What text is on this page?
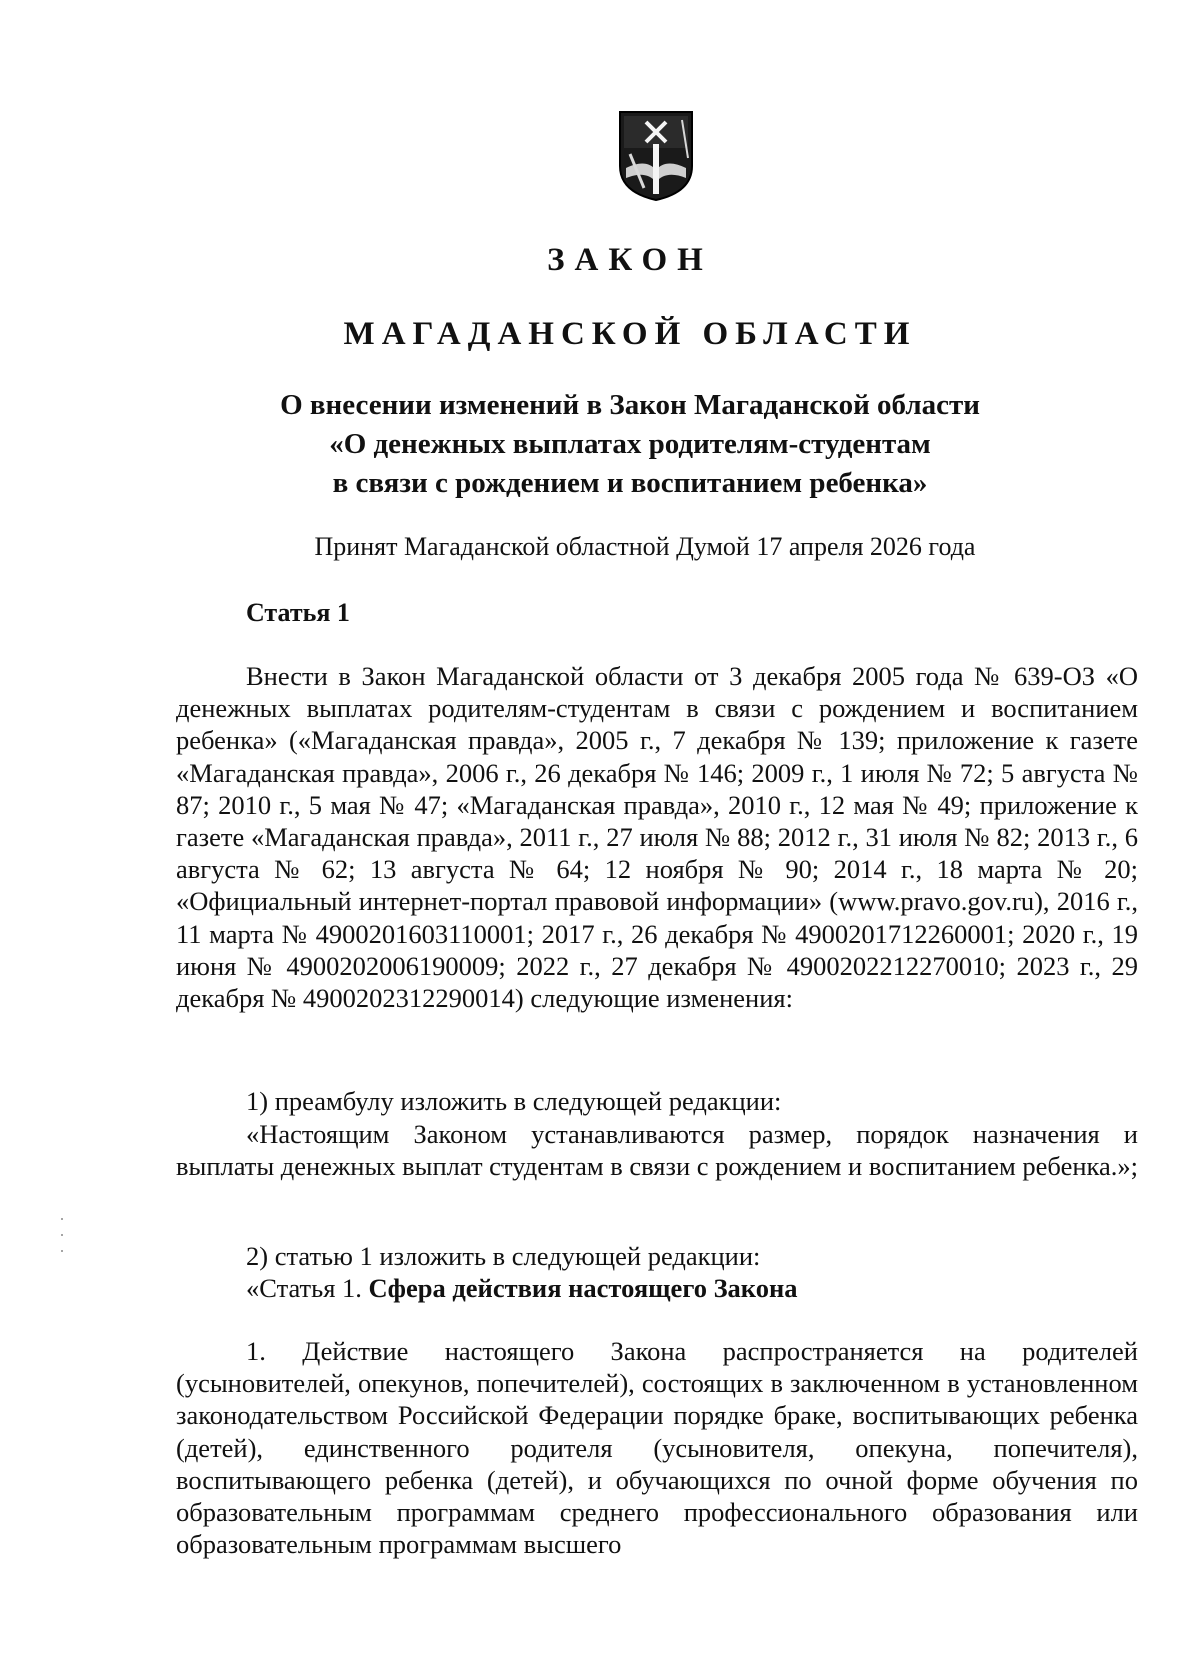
ЗАКОН
МАГАДАНСКОЙ ОБЛАСТИ
О внесении изменений в Закон Магаданской области
«О денежных выплатах родителям-студентам
в связи с рождением и воспитанием ребенка»
Принят Магаданской областной Думой 17 апреля 2026 года
Статья 1

Внести в Закон Магаданской области от 3 декабря 2005 года № 639-ОЗ «О денежных выплатах родителям-студентам в связи с рождением и воспитанием ребенка» («Магаданская правда», 2005 г., 7 декабря № 139; приложение к газете «Магаданская правда», 2006 г., 26 декабря № 146; 2009 г., 1 июля № 72; 5 августа № 87; 2010 г., 5 мая № 47; «Магаданская правда», 2010 г., 12 мая № 49; приложение к газете «Магаданская правда», 2011 г., 27 июля № 88; 2012 г., 31 июля № 82; 2013 г., 6 августа № 62; 13 августа № 64; 12 ноября № 90; 2014 г., 18 марта № 20; «Официальный интернет-портал правовой информации» (www.pravo.gov.ru), 2016 г., 11 марта № 4900201603110001; 2017 г., 26 декабря № 4900201712260001; 2020 г., 19 июня № 4900202006190009; 2022 г., 27 декабря № 4900202212270010; 2023 г., 29 декабря № 4900202312290014) следующие изменения:

1) преамбулу изложить в следующей редакции:

«Настоящим Законом устанавливаются размер, порядок назначения и выплаты денежных выплат студентам в связи с рождением и воспитанием ребенка.»;

2) статью 1 изложить в следующей редакции:

«Статья 1. Сфера действия настоящего Закона

1. Действие настоящего Закона распространяется на родителей (усыновителей, опекунов, попечителей), состоящих в заключенном в установленном законодательством Российской Федерации порядке браке, воспитывающих ребенка (детей), единственного родителя (усыновителя, опекуна, попечителя), воспитывающего ребенка (детей), и обучающихся по очной форме обучения по образовательным программам среднего профессионального образования или образовательным программам высшего
